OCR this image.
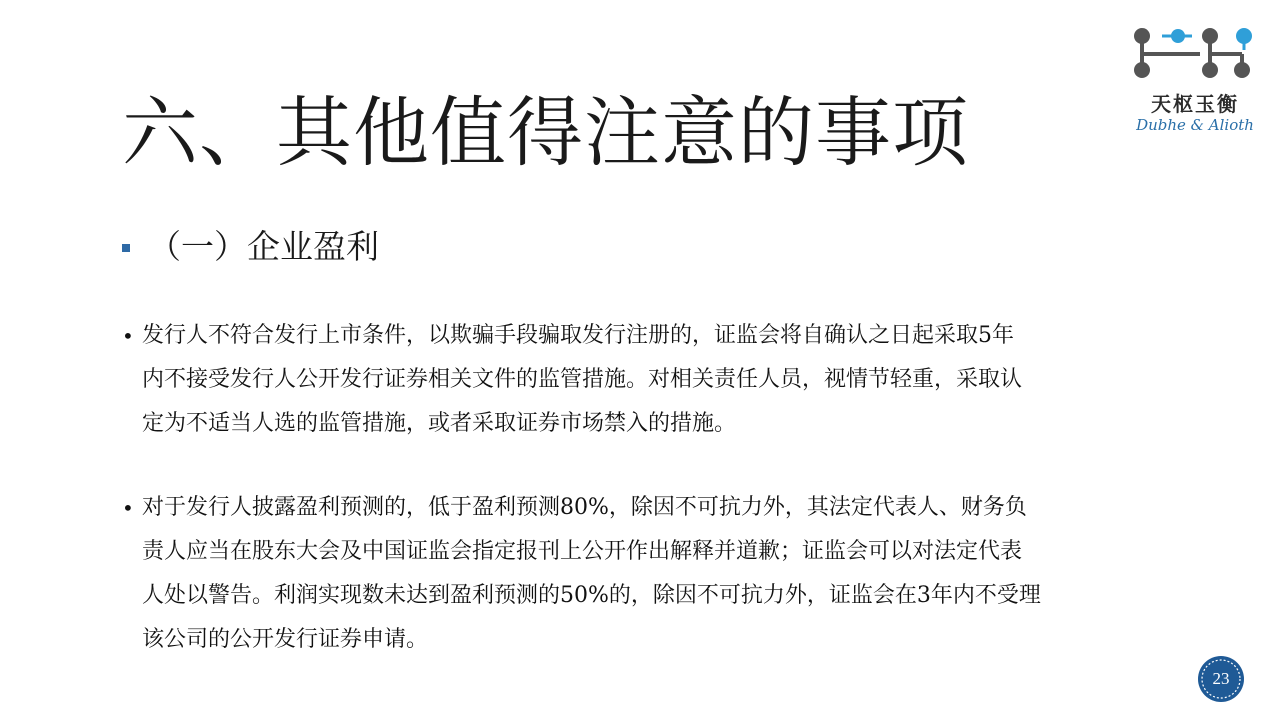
六、其他值得注意的事项	天枢玉衡
Dubhe & Alioth
（一）企业盈利
• 发行人不符合发行上市条件，以欺骗手段骗取发行注册的，证监会将自确认之日起采取5年
内不接受发行人公开发行证券相关文件的监管措施。对相关责任人员，视情节轻重，采取认
定为不适当人选的监管措施，或者采取证券市场禁入的措施。
• 对于发行人披露盈利预测的，低于盈利预测80%，除因不可抗力外，其法定代表人、财务负
责人应当在股东大会及中国证监会指定报刊上公开作出解释并道歉；证监会可以对法定代表
人处以警告。利润实现数未达到盈利预测的50%的，除因不可抗力外，证监会在3年内不受理
该公司的公开发行证券申请。
23
